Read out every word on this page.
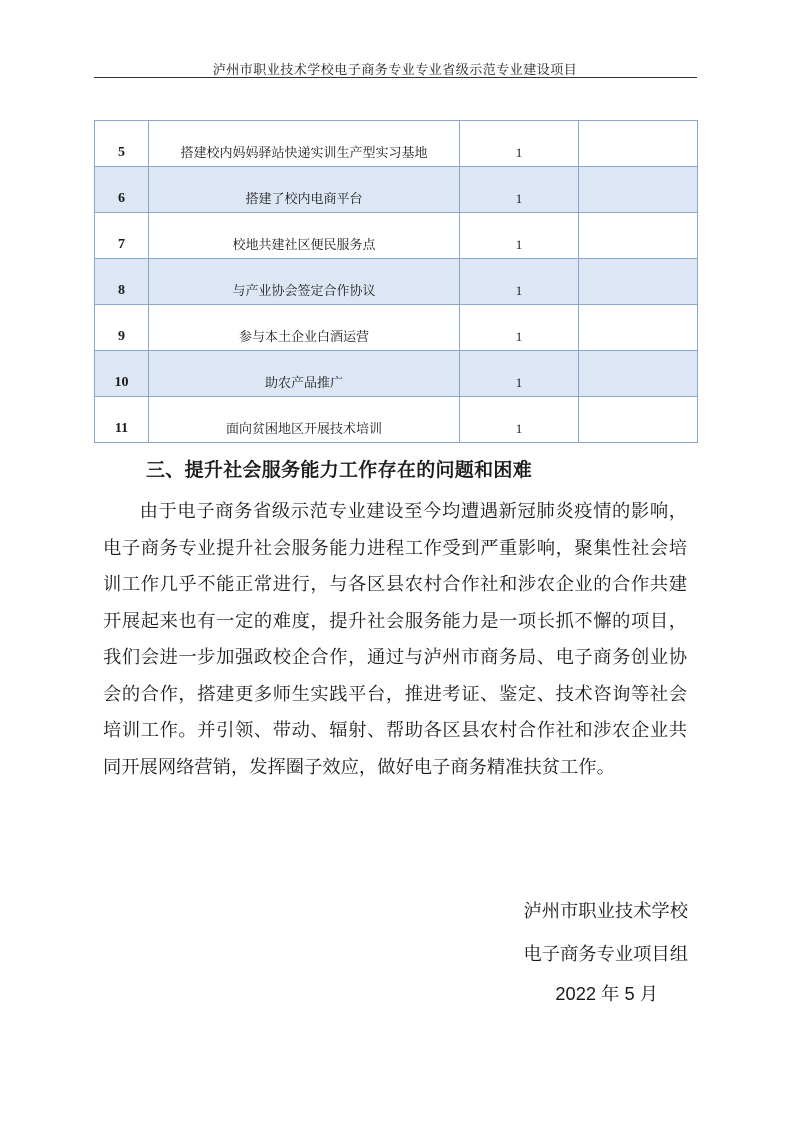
泸州市职业技术学校电子商务专业专业省级示范专业建设项目
5	搭建校内妈妈驿站快递实训生产型实习基地	1	
6	搭建了校内电商平台	1	
7	校地共建社区便民服务点	1	
8	与产业协会签定合作协议	1	
9	参与本土企业白酒运营	1	
10	助农产品推广	1	
11	面向贫困地区开展技术培训	1	
三、提升社会服务能力工作存在的问题和困难

由于电子商务省级示范专业建设至今均遭遇新冠肺炎疫情的影响，电子商务专业提升社会服务能力进程工作受到严重影响，聚集性社会培训工作几乎不能正常进行，与各区县农村合作社和涉农企业的合作共建开展起来也有一定的难度，提升社会服务能力是一项长抓不懈的项目，我们会进一步加强政校企合作，通过与泸州市商务局、电子商务创业协会的合作，搭建更多师生实践平台，推进考证、鉴定、技术咨询等社会培训工作。并引领、带动、辐射、帮助各区县农村合作社和涉农企业共同开展网络营销，发挥圈子效应，做好电子商务精准扶贫工作。

泸州市职业技术学校
电子商务专业项目组
2022 年 5 月
